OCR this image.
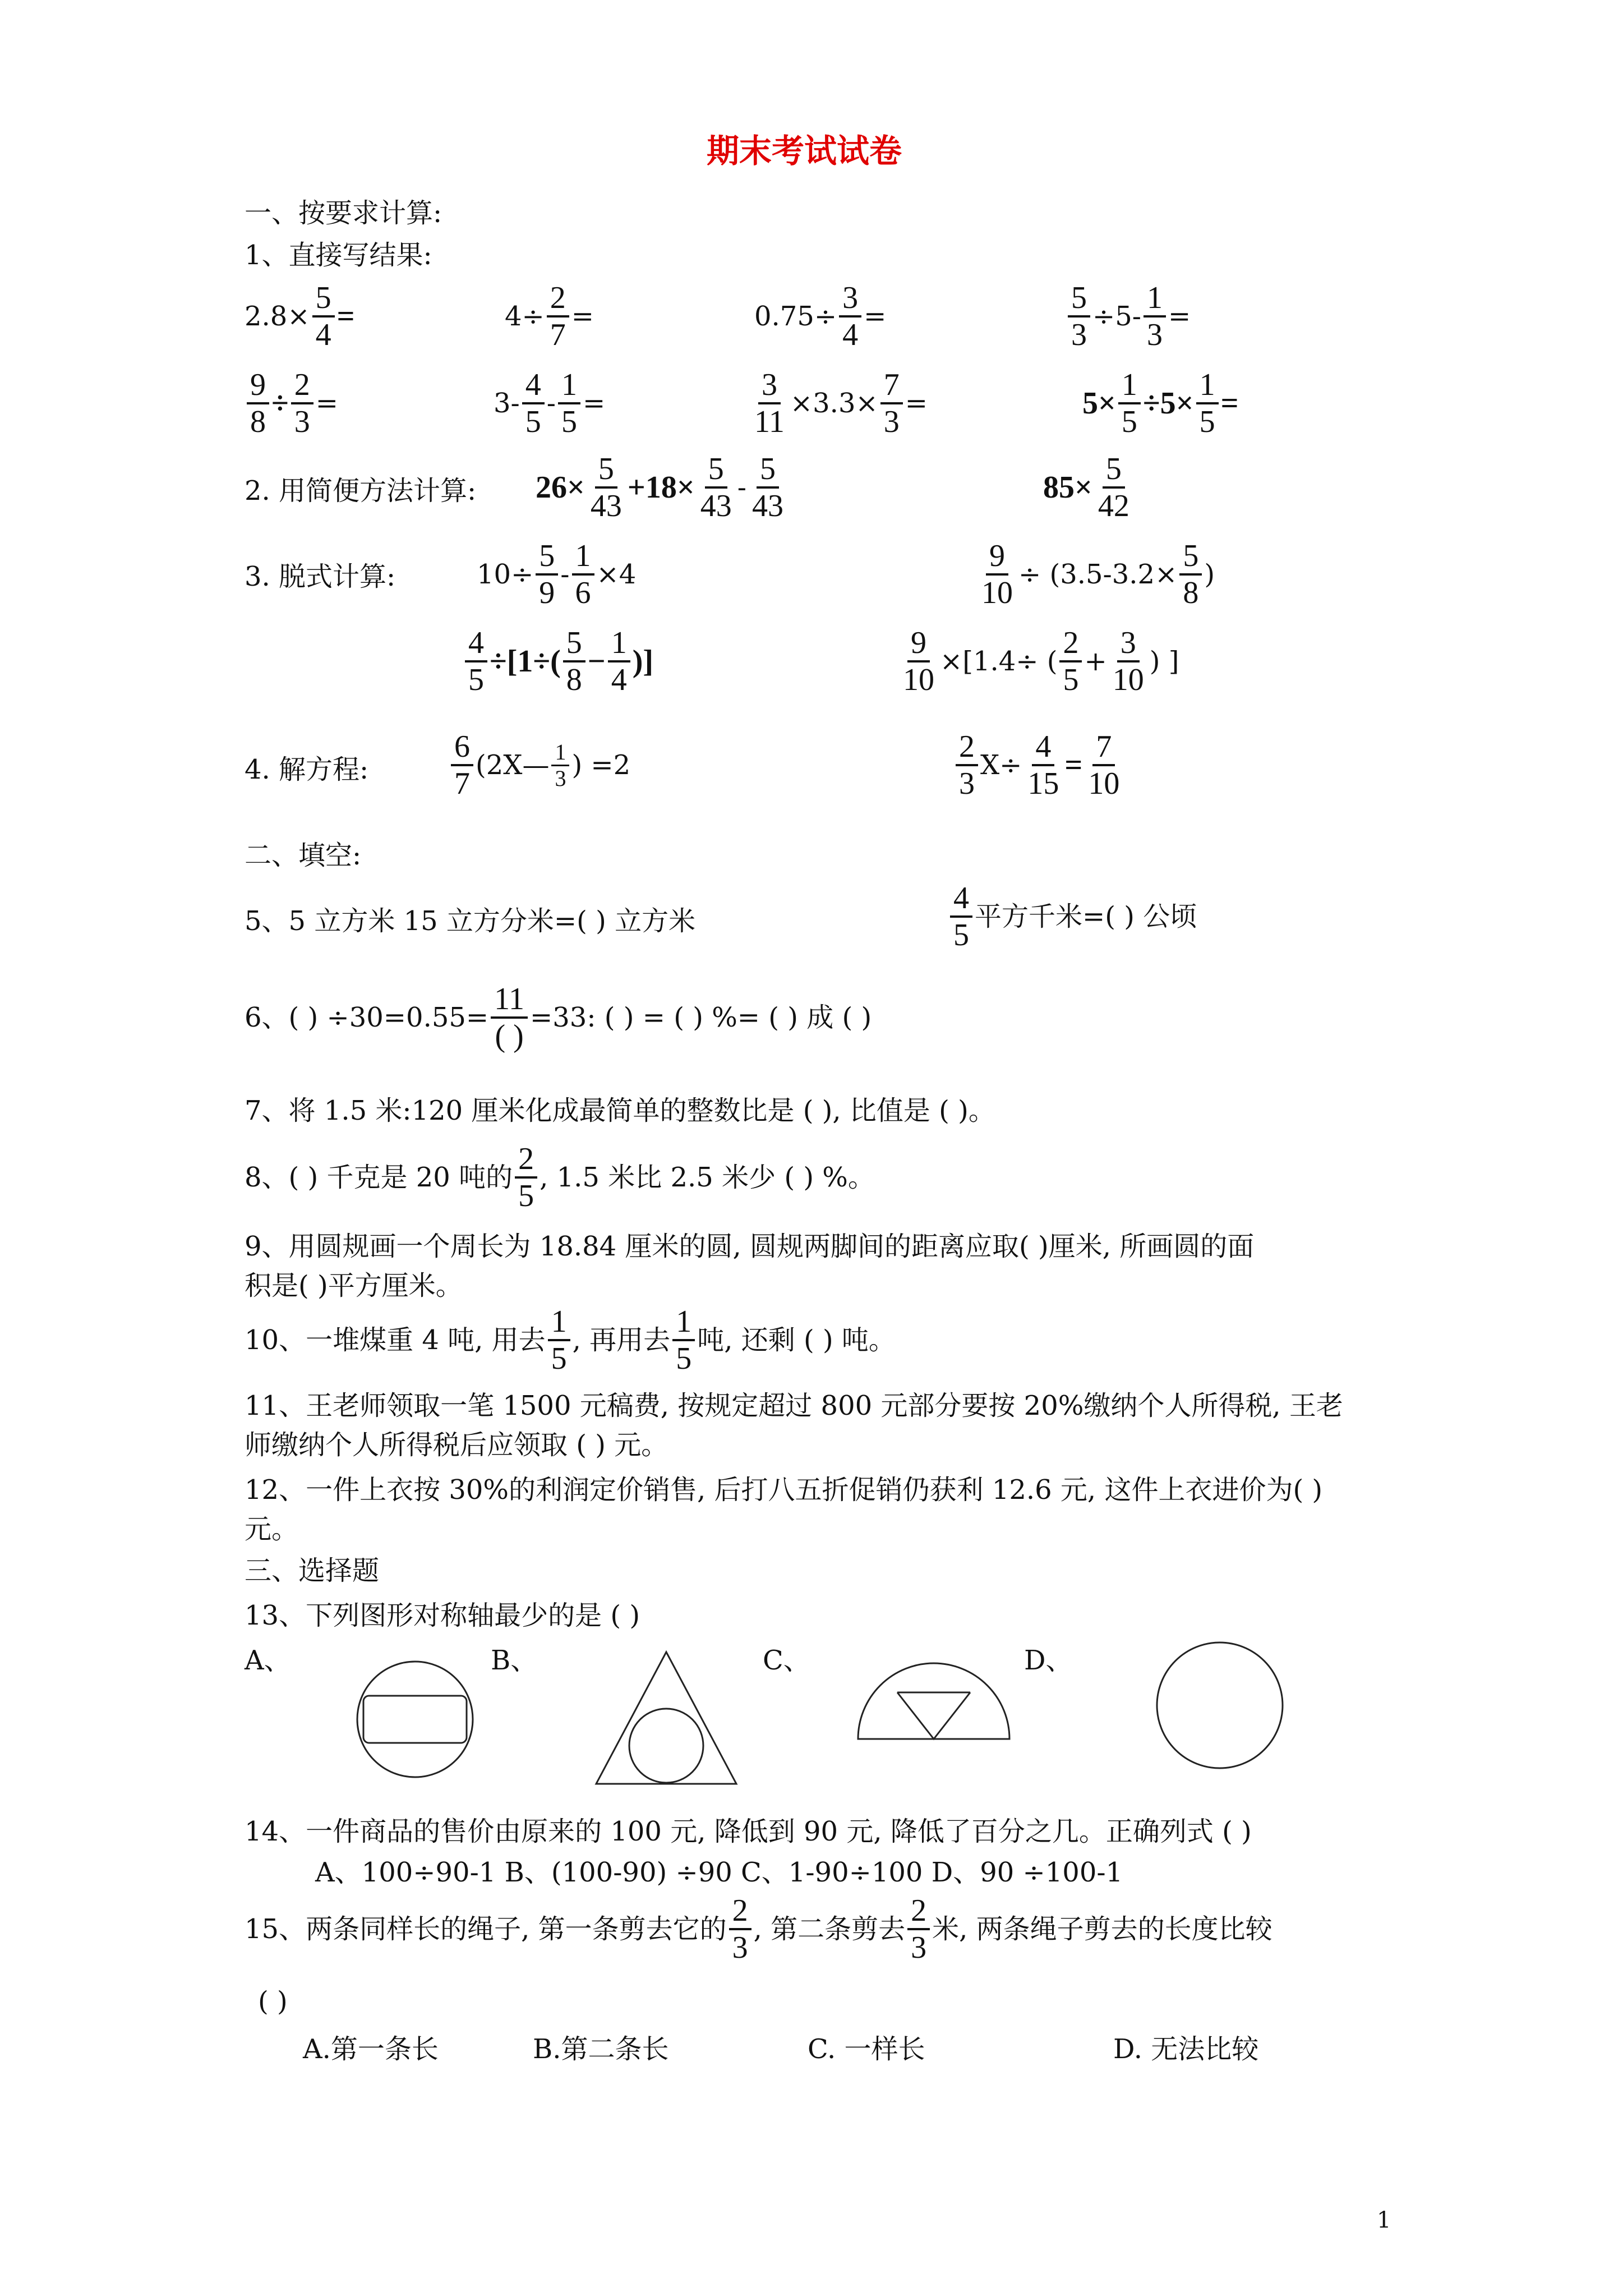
期末考试试卷
一、按要求计算:
1、直接写结果:
$2.8\times \frac{5}{4}$ =	$4\div \frac{2}{7}$ =	$0.75\div \frac{3}{4}$ =	$\frac{5}{3} \div 5- \frac{1}{3}$ =
$\frac{9}{8} \div \frac{2}{3}$ =	$3- \frac{4}{5} - \frac{1}{5}$ =	$\frac{3}{11} \times 3.3\times \frac{7}{3}$ =	$5\times \frac{1}{5} \div 5\times \frac{1}{5}$ =
2. 用简便方法计算: $26\times \frac{5}{43} +18\times \frac{5}{43} - \frac{5}{43}$	$85\times \frac{5}{42}$
3. 脱式计算:	$10\div \frac{5}{9} - \frac{1}{6} \times 4$	$\frac{9}{10} \div (3.5-3.2\times \frac{5}{8}$ )
$\frac{4}{5} \div[1\div( \frac{5}{8} - \frac{1}{4}$ )]	$\frac{9}{10} \times[1.4\div$ ( $\frac{2}{5} + \frac{3}{10}$ ) ]
4. 解方程:	$\frac{6}{7}$ (2X— $\frac{1}{3}$ ) =2	$\frac{2}{3} X\div \frac{4}{15} = \frac{7}{10}$
二、填空:
5、5 立方米 15 立方分米=( ) 立方米	$\frac{4}{5}$ 平方千米=( ) 公顷
6、( ) $\div 30=0.55= \frac{11}{( )} =33$: ( ) = ( ) %= ( ) 成 ( )
7、将 1.5 米:120 厘米化成最简单的整数比是 ( ), 比值是 ( )。
8、( ) 千克是 20 吨的 $\frac{2}{5}$ , 1.5 米比 2.5 米少 ( ) %。
9、用圆规画一个周长为 18.84 厘米的圆, 圆规两脚间的距离应取( )厘米, 所画圆的面
积是( )平方厘米。
10、一堆煤重 4 吨, 用去 $\frac{1}{5}$ , 再用去 $\frac{1}{5}$ 吨, 还剩 ( ) 吨。
11、王老师领取一笔 1500 元稿费, 按规定超过 800 元部分要按 20%缴纳个人所得税, 王老
师缴纳个人所得税后应领取 ( ) 元。
12、一件上衣按 30%的利润定价销售, 后打八五折促销仍获利 12.6 元, 这件上衣进价为( )
元。
三、选择题
13、下列图形对称轴最少的是 ( )
A、	B、	C、	D、
14、一件商品的售价由原来的 100 元, 降低到 90 元, 降低了百分之几。正确列式 ( )
A、100÷90-1 B、(100-90) ÷90 C、1-90÷100 D、90 ÷100-1
15、两条同样长的绳子, 第一条剪去它的 $\frac{2}{3}$ , 第二条剪去 $\frac{2}{3}$ 米, 两条绳子剪去的长度比较
( )
A.第一条长	B.第二条长	C. 一样长	D. 无法比较
1
